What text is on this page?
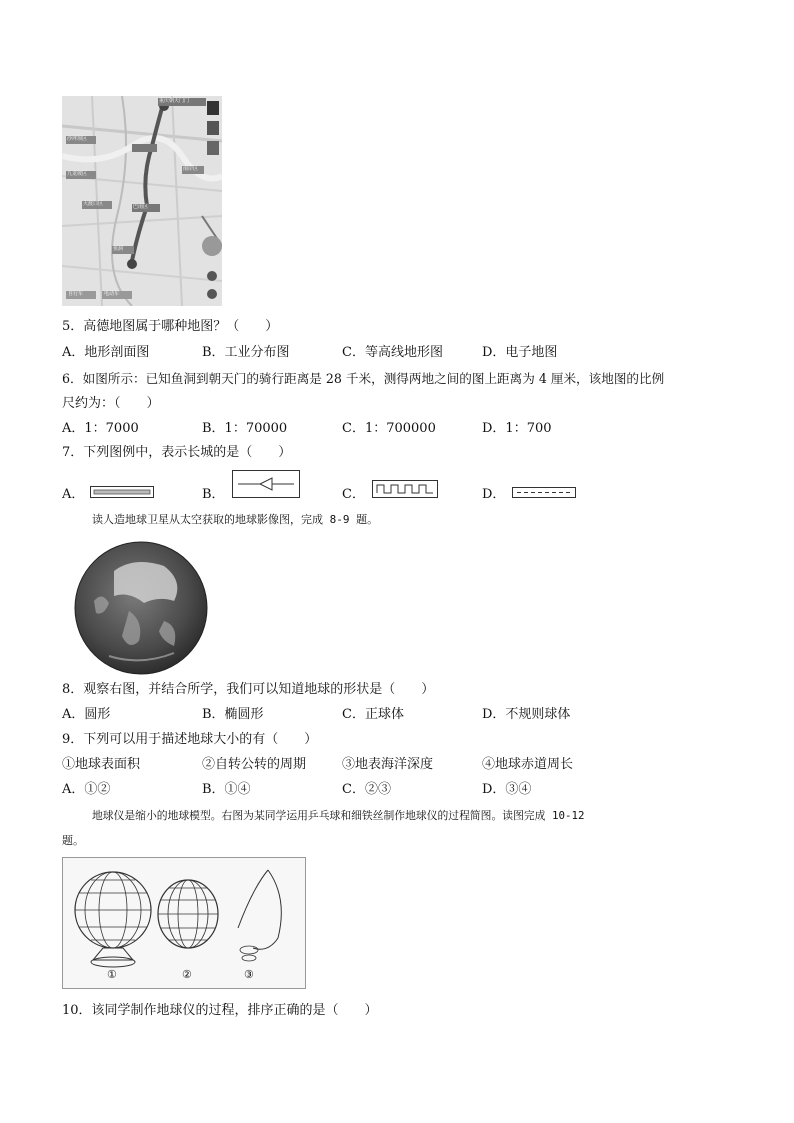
重庆朝天门门
沙坪坝区
南岸区
九龙坡区
大渡口区	巴南区
鱼洞
自行车	电动车
5．高德地图属于哪种地图？（　　）
A．地形剖面图	B．工业分布图	C．等高线地形图	D．电子地图
6．如图所示：已知鱼洞到朝天门的骑行距离是 28 千米，测得两地之间的图上距离为 4 厘米，该地图的比例
尺约为：（　　）
A．1：7000	B．1：70000	C．1：700000	D．1：700
7．下列图例中，表示长城的是（　　）
A．	B．	C．	D．
读人造地球卫星从太空获取的地球影像图，完成 8-9 题。
8．观察右图，并结合所学，我们可以知道地球的形状是（　　）
A．圆形	B．椭圆形	C．正球体	D．不规则球体
9．下列可以用于描述地球大小的有（　　）
①地球表面积	②自转公转的周期	③地表海洋深度	④地球赤道周长
A．①②	B．①④	C．②③	D．③④
地球仪是缩小的地球模型。右图为某同学运用乒乓球和细铁丝制作地球仪的过程简图。读图完成 10-12
题。
①	②	③
10．该同学制作地球仪的过程，排序正确的是（　　）
